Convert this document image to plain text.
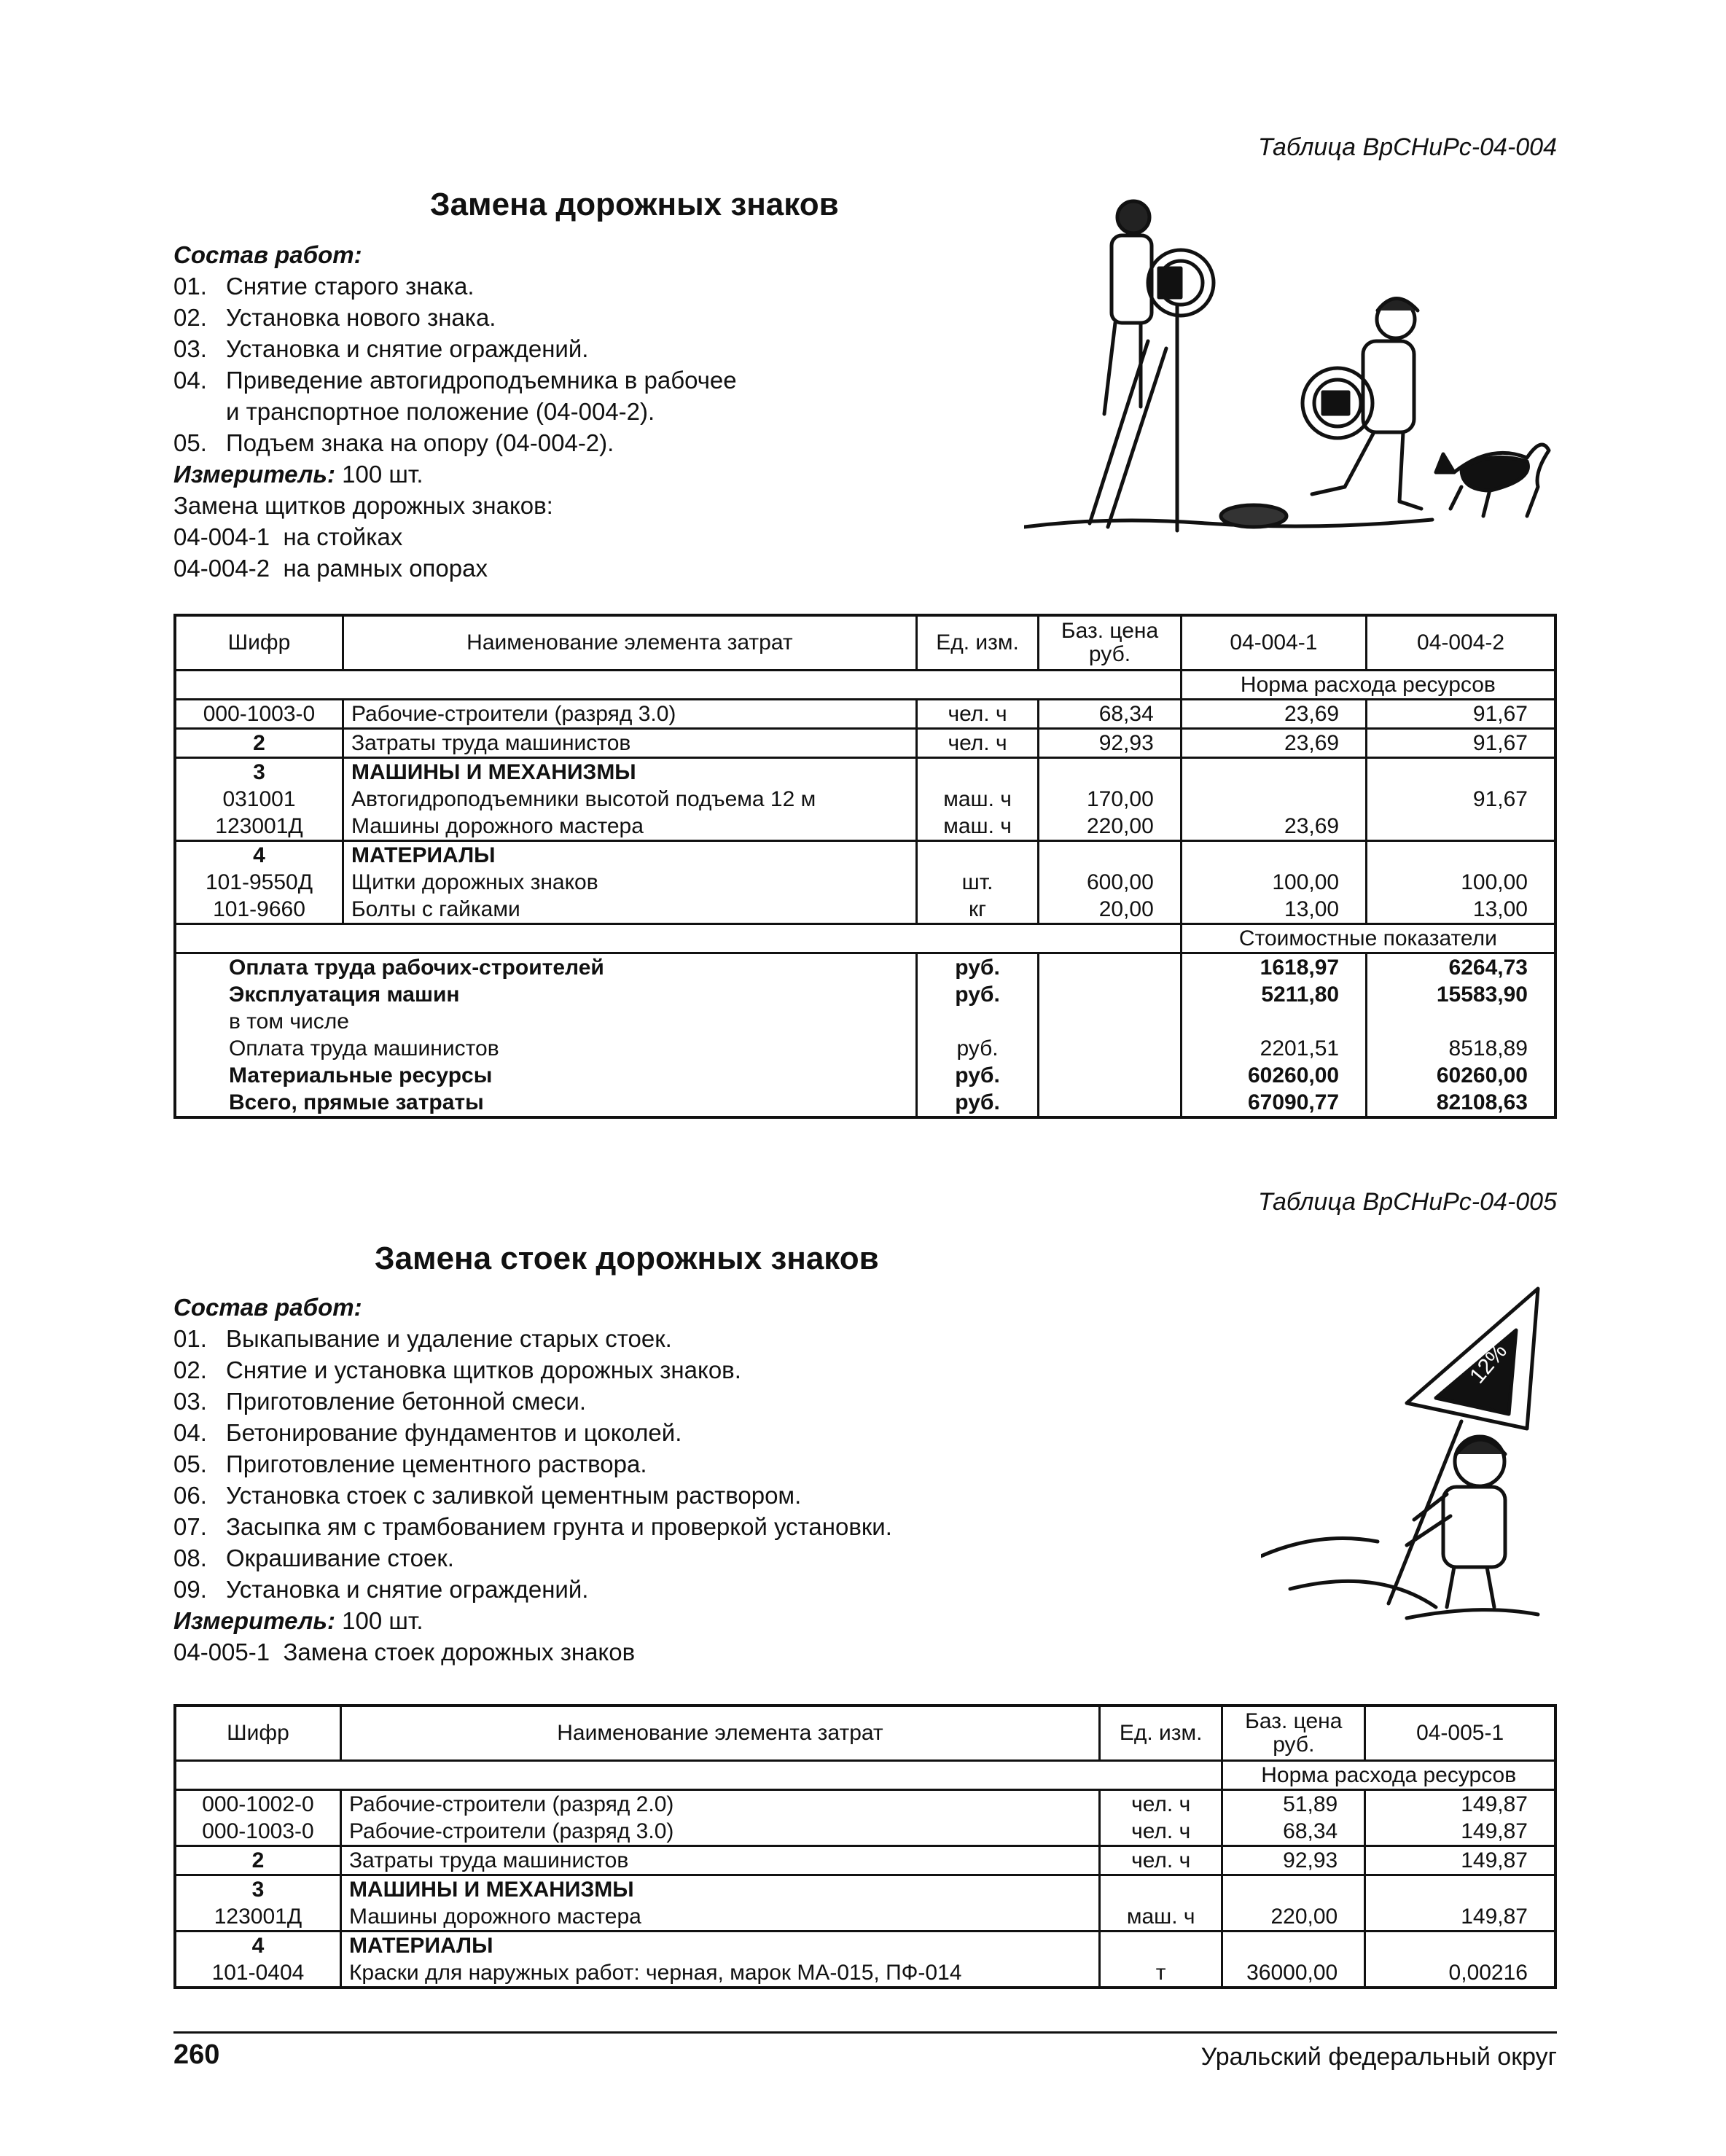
Таблица ВрСНиРс-04-004
Замена дорожных знаков
Состав работ:
01. Снятие старого знака.
02. Установка нового знака.
03. Установка и снятие ограждений.
04. Приведение автогидроподъемника в рабочее
и транспортное положение (04-004-2).
05. Подъем знака на опору (04-004-2).
Измеритель: 100 шт.
Замена щитков дорожных знаков:
04-004-1 на стойках
04-004-2 на рамных опорах
Шифр	Наименование элемента затрат	Ед. изм.	Баз. цена руб.	04-004-1	04-004-2
				Норма расхода ресурсов	
000-1003-0	Рабочие-строители (разряд 3.0)	чел. ч	68,34	23,69	91,67
2	Затраты труда машинистов	чел. ч	92,93	23,69	91,67
3	МАШИНЫ И МЕХАНИЗМЫ				
031001	Автогидроподъемники высотой подъема 12 м	маш. ч	170,00		91,67
123001Д	Машины дорожного мастера	маш. ч	220,00	23,69	
4	МАТЕРИАЛЫ				
101-9550Д	Щитки дорожных знаков	шт.	600,00	100,00	100,00
101-9660	Болты с гайками	кг	20,00	13,00	13,00
				Стоимостные показатели	
Оплата труда рабочих-строителей		руб.		1618,97	6264,73
Эксплуатация машин		руб.		5211,80	15583,90
в том числе					
Оплата труда машинистов		руб.		2201,51	8518,89
Материальные ресурсы		руб.		60260,00	60260,00
Всего, прямые затраты		руб.		67090,77	82108,63
Таблица ВрСНиРс-04-005
Замена стоек дорожных знаков
Состав работ:
01. Выкапывание и удаление старых стоек.
02. Снятие и установка щитков дорожных знаков.
03. Приготовление бетонной смеси.
04. Бетонирование фундаментов и цоколей.
05. Приготовление цементного раствора.
06. Установка стоек с заливкой цементным раствором.
07. Засыпка ям с трамбованием грунта и проверкой установки.
08. Окрашивание стоек.
09. Установка и снятие ограждений.
Измеритель: 100 шт.
04-005-1 Замена стоек дорожных знаков
12%
Шифр	Наименование элемента затрат	Ед. изм.	Баз. цена руб.	04-005-1
			Норма расхода ресурсов	
000-1002-0	Рабочие-строители (разряд 2.0)	чел. ч	51,89	149,87
000-1003-0	Рабочие-строители (разряд 3.0)	чел. ч	68,34	149,87
2	Затраты труда машинистов	чел. ч	92,93	149,87
3	МАШИНЫ И МЕХАНИЗМЫ			
123001Д	Машины дорожного мастера	маш. ч	220,00	149,87
4	МАТЕРИАЛЫ			
101-0404	Краски для наружных работ: черная, марок МА-015, ПФ-014	т	36000,00	0,00216
260	Уральский федеральный округ
